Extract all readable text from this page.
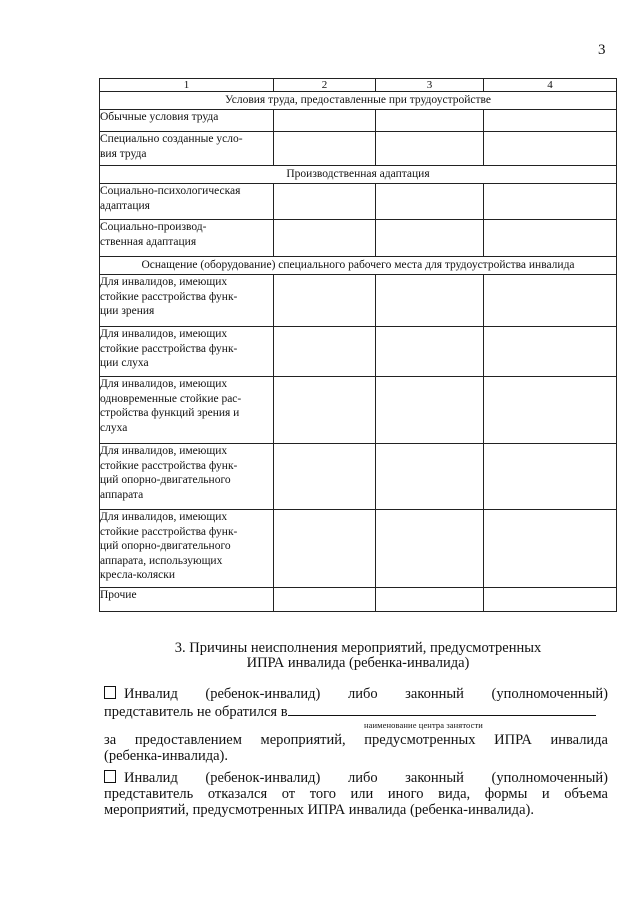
3
1	2	3	4
Условия труда, предоставленные при трудоустройстве			

Обычные условия труда			

Специально созданные усло-
вия труда			

Производственная адаптация			

Социально-психологическая
адаптация			

Социально-производ-
ственная адаптация			

Оснащение (оборудование) специального рабочего места для трудоустройства инвалида			

Для инвалидов, имеющих
стойкие расстройства функ-
ции зрения			

Для инвалидов, имеющих
стойкие расстройства функ-
ции слуха			

Для инвалидов, имеющих
одновременные стойкие рас-
стройства функций зрения и
слуха			

Для инвалидов, имеющих
стойкие расстройства функ-
ций опорно-двигательного
аппарата			

Для инвалидов, имеющих
стойкие расстройства функ-
ций опорно-двигательного
аппарата, использующих
кресла-коляски			

Прочие			

3. Причины неисполнения мероприятий, предусмотренных
ИПРА инвалида (ребенка-инвалида)
Инвалид (ребенок-инвалид) либо законный (уполномоченный)
представитель не обратился в
наименование центра занятости
за предоставлением мероприятий, предусмотренных ИПРА инвалида
(ребенка-инвалида).
Инвалид (ребенок-инвалид) либо законный (уполномоченный)
представитель отказался от того или иного вида, формы и объема
мероприятий, предусмотренных ИПРА инвалида (ребенка-инвалида).
